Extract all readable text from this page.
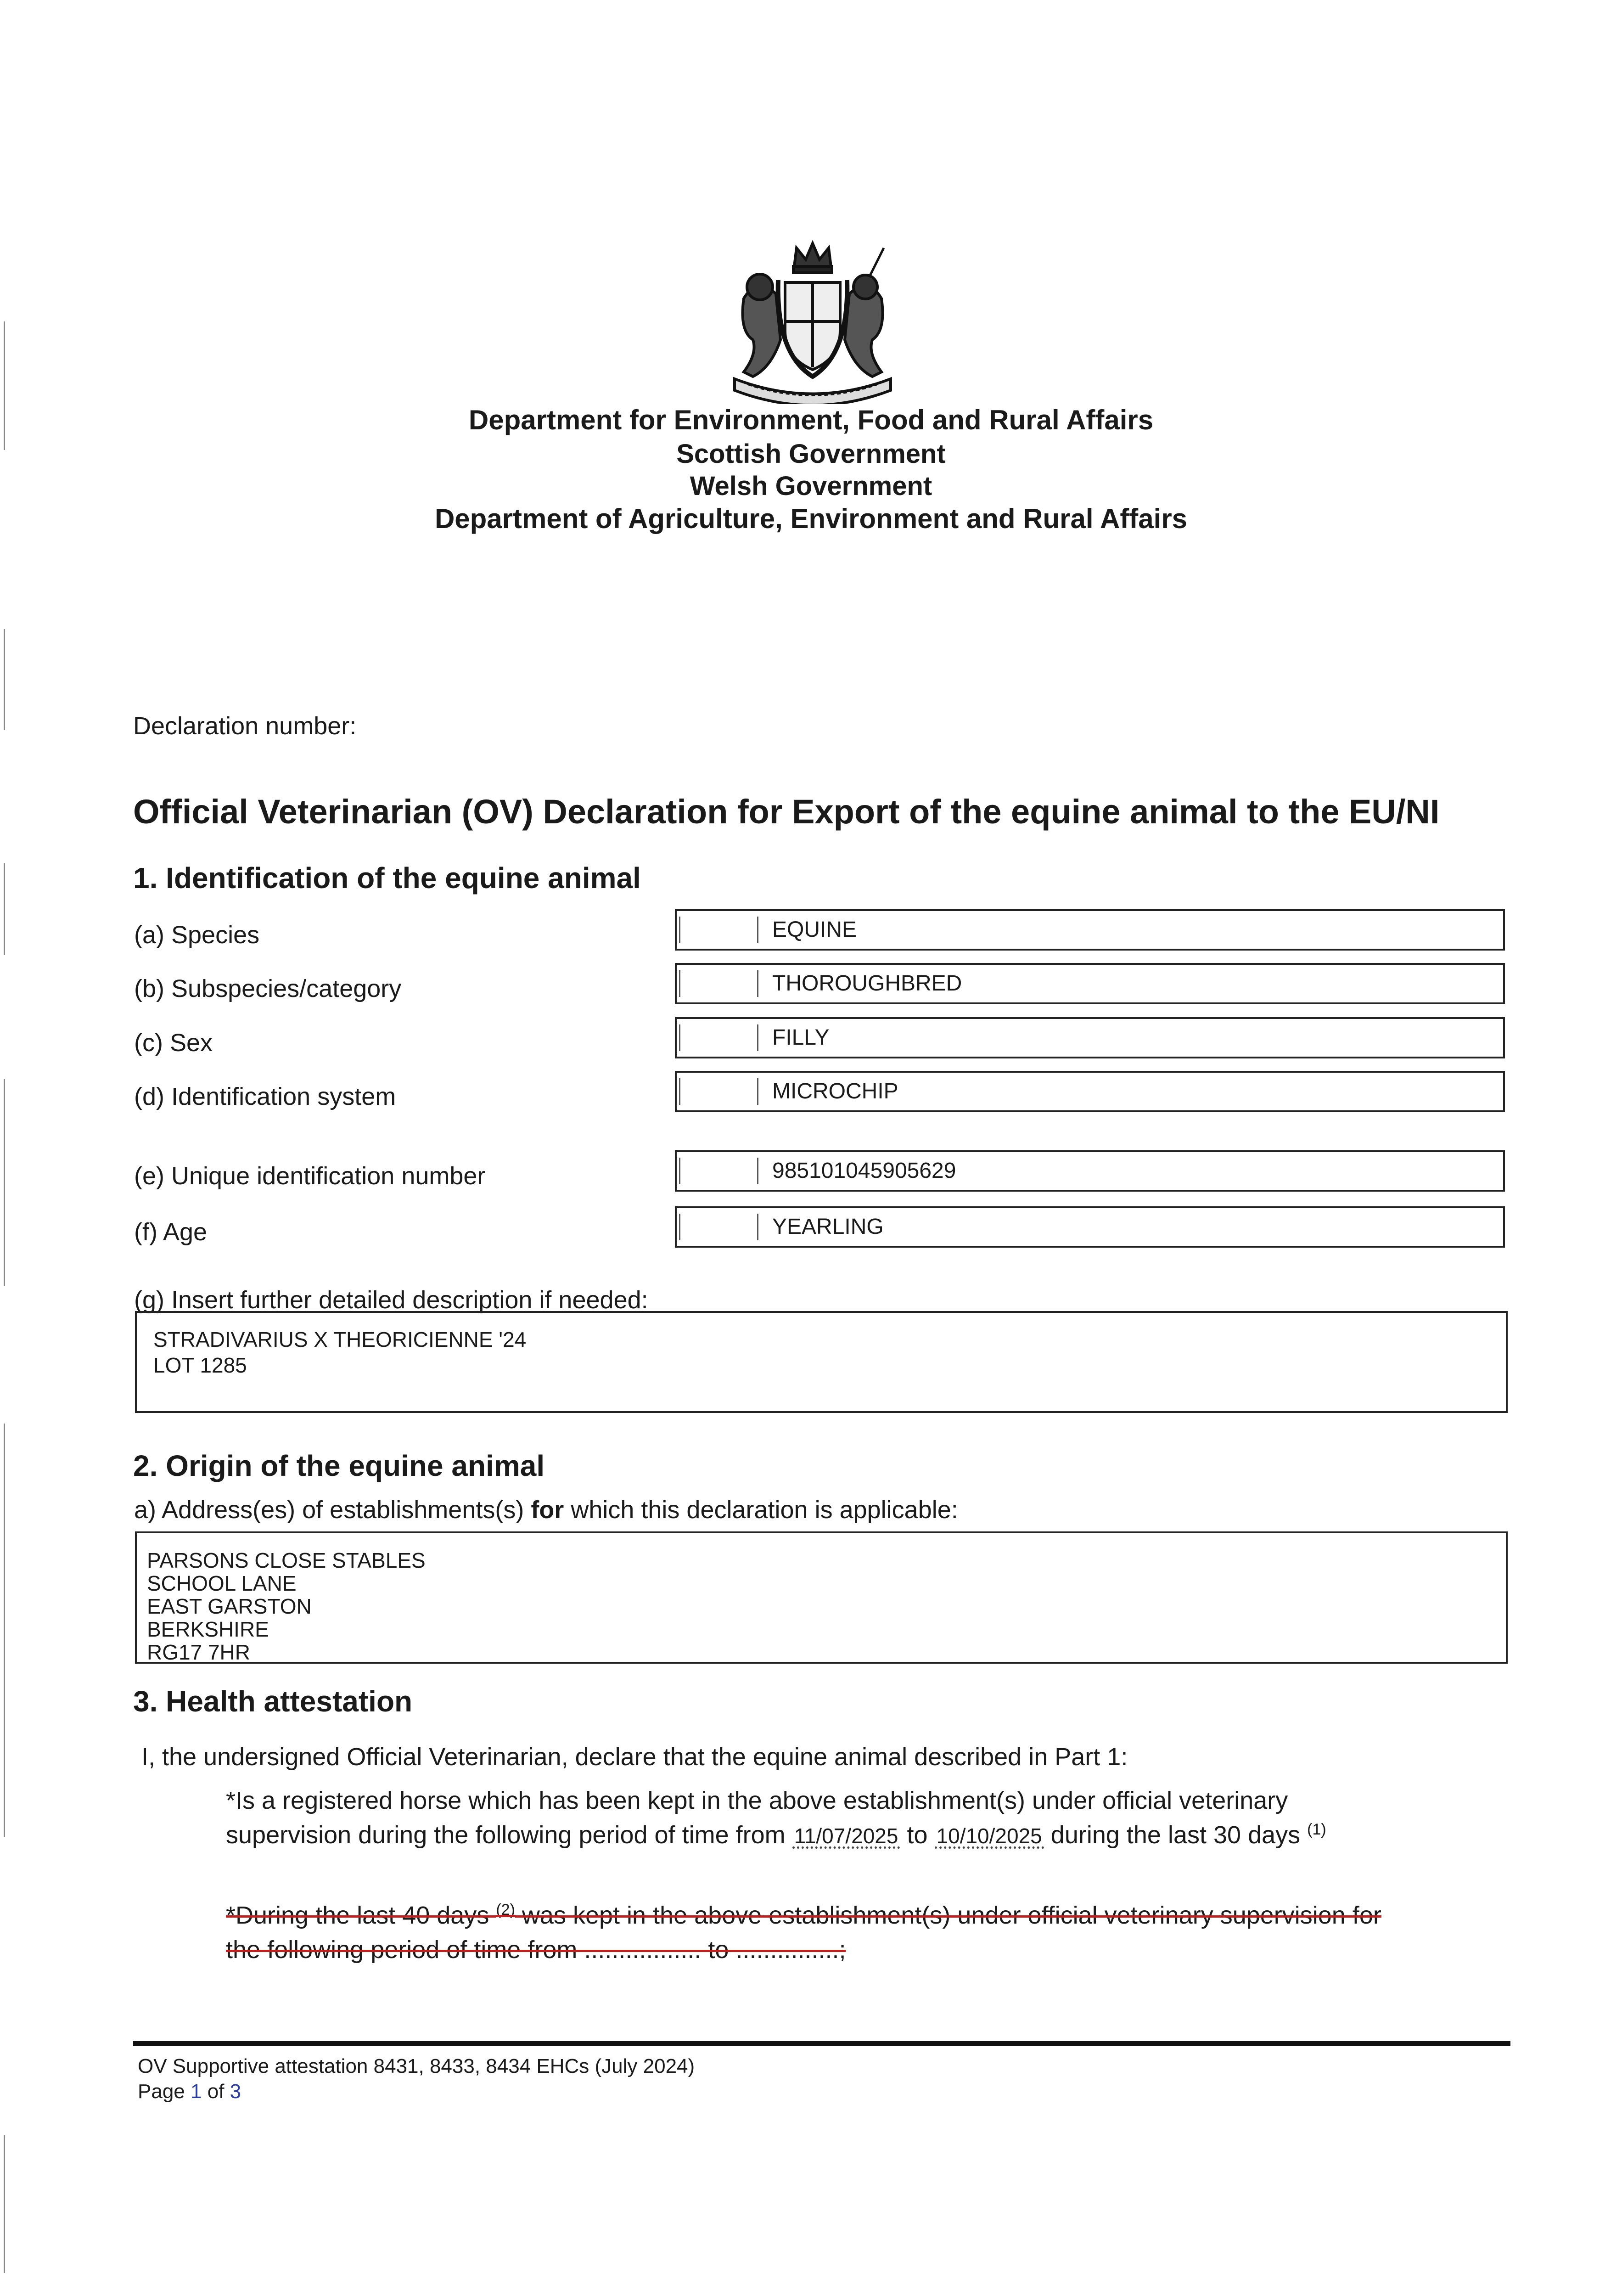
Department for Environment, Food and Rural Affairs
Scottish Government
Welsh Government
Department of Agriculture, Environment and Rural Affairs
Declaration number:
Official Veterinarian (OV) Declaration for Export of the equine animal to the EU/NI
1. Identification of the equine animal
(a) Species	EQUINE
(b) Subspecies/category	THOROUGHBRED
(c) Sex	FILLY
(d) Identification system	MICROCHIP
(e) Unique identification number	985101045905629
(f) Age	YEARLING
(g) Insert further detailed description if needed:
STRADIVARIUS X THEORICIENNE '24
LOT 1285
2. Origin of the equine animal
a) Address(es) of establishments(s) for which this declaration is applicable:
PARSONS CLOSE STABLES
SCHOOL LANE
EAST GARSTON
BERKSHIRE
RG17 7HR
3. Health attestation
I, the undersigned Official Veterinarian, declare that the equine animal described in Part 1:
*Is a registered horse which has been kept in the above establishment(s) under official veterinary
supervision during the following period of time from 11/07/2025 to 10/10/2025 during the last 30 days $^{(1)}$
*During the last 40 days $^{(2)}$ was kept in the above establishment(s) under official veterinary supervision for
the following period of time from ................. to ...............;
OV Supportive attestation 8431, 8433, 8434 EHCs (July 2024)
Page 1 of 3
